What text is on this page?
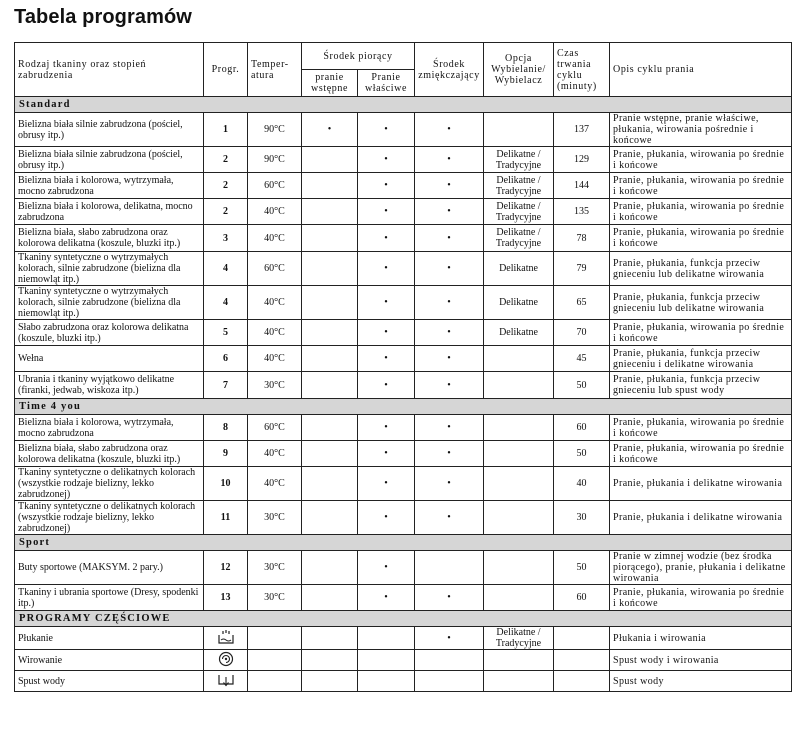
Tabela programów
Rodzaj tkaniny oraz stopień zabrudzenia	Progr.	Temper-atura	Środek piorący		Środek zmiękczający	Opcja Wybielanie/ Wybielacz	Czas trwania cyklu (minuty)	Opis cyklu prania
			pranie wstępne	Pranie właściwe				
Standard								
Bielizna biała silnie zabrudzona (pościel, obrusy itp.)	1	90°C	•	•	•		137	Pranie wstępne, pranie właściwe, płukania, wirowania pośrednie i końcowe
Bielizna biała silnie zabrudzona (pościel, obrusy itp.)	2	90°C		•	•	Delikatne / Tradycyjne	129	Pranie, płukania, wirowania po średnie i końcowe
Bielizna biała i kolorowa, wytrzymała, mocno zabrudzona	2	60°C		•	•	Delikatne / Tradycyjne	144	Pranie, płukania, wirowania po średnie i końcowe
Bielizna biała i kolorowa, delikatna, mocno zabrudzona	2	40°C		•	•	Delikatne / Tradycyjne	135	Pranie, płukania, wirowania po średnie i końcowe
Bielizna biała, słabo zabrudzona oraz kolorowa delikatna (koszule, bluzki itp.)	3	40°C		•	•	Delikatne / Tradycyjne	78	Pranie, płukania, wirowania po średnie i końcowe
Tkaniny syntetyczne o wytrzymałych kolorach, silnie zabrudzone (bielizna dla niemowląt itp.)	4	60°C		•	•	Delikatne	79	Pranie, płukania, funkcja przeciw gnieceniu lub delikatne wirowania
Tkaniny syntetyczne o wytrzymałych kolorach, silnie zabrudzone (bielizna dla niemowląt itp.)	4	40°C		•	•	Delikatne	65	Pranie, płukania, funkcja przeciw gnieceniu lub delikatne wirowania
Słabo zabrudzona oraz kolorowa delikatna (koszule, bluzki itp.)	5	40°C		•	•	Delikatne	70	Pranie, płukania, wirowania po średnie i końcowe
Wełna	6	40°C		•	•		45	Pranie, płukania, funkcja przeciw gnieceniu i delikatne wirowania
Ubrania i tkaniny wyjątkowo delikatne (firanki, jedwab, wiskoza itp.)	7	30°C		•	•		50	Pranie, płukania, funkcja przeciw gnieceniu lub spust wody
Time 4 you								
Bielizna biała i kolorowa, wytrzymała, mocno zabrudzona	8	60°C		•	•		60	Pranie, płukania, wirowania po średnie i końcowe
Bielizna biała, słabo zabrudzona oraz kolorowa delikatna (koszule, bluzki itp.)	9	40°C		•	•		50	Pranie, płukania, wirowania po średnie i końcowe
Tkaniny syntetyczne o delikatnych kolorach (wszystkie rodzaje bielizny, lekko zabrudzonej)	10	40°C		•	•		40	Pranie, płukania i delikatne wirowania
Tkaniny syntetyczne o delikatnych kolorach (wszystkie rodzaje bielizny, lekko zabrudzonej)	11	30°C		•	•		30	Pranie, płukania i delikatne wirowania
Sport								
Buty sportowe (MAKSYM. 2 pary.)	12	30°C		•			50	Pranie w zimnej wodzie (bez środka piorącego), pranie, płukania i delikatne wirowania
Tkaniny i ubrania sportowe (Dresy, spodenki itp.)	13	30°C		•	•		60	Pranie, płukania, wirowania po średnie i końcowe
PROGRAMY CZĘŚCIOWE								
Płukanie					•	Delikatne / Tradycyjne		Płukania i wirowania
Wirowanie								Spust wody i wirowania
Spust wody								Spust wody
